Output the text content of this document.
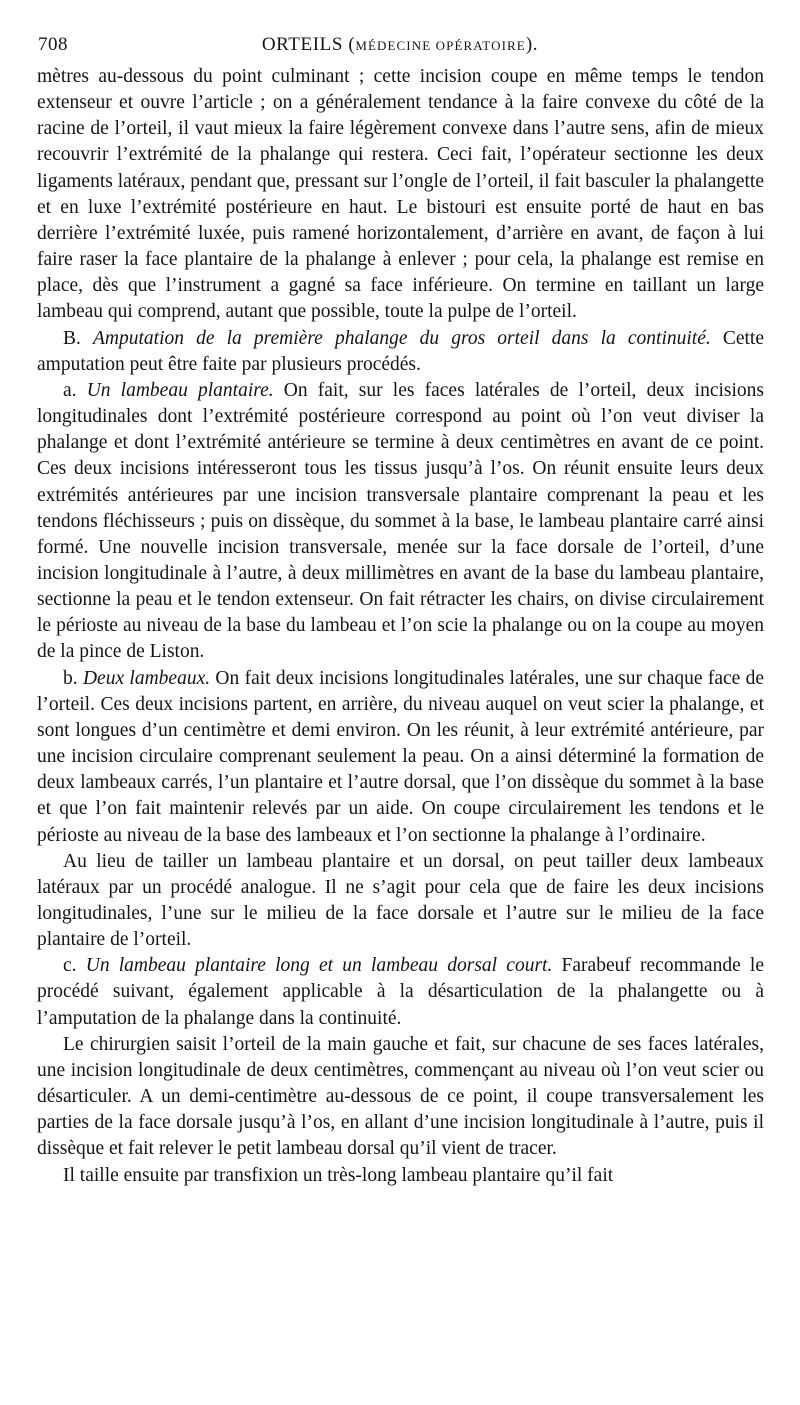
708	ORTEILS (MÉDECINE OPÉRATOIRE).

mètres au-dessous du point culminant ; cette incision coupe en même temps le tendon extenseur et ouvre l’article ; on a généralement tendance à la faire convexe du côté de la racine de l’orteil, il vaut mieux la faire légèrement convexe dans l’autre sens, afin de mieux recouvrir l’extrémité de la phalange qui restera. Ceci fait, l’opérateur sectionne les deux ligaments latéraux, pendant que, pressant sur l’ongle de l’orteil, il fait basculer la phalangette et en luxe l’extrémité postérieure en haut. Le bistouri est ensuite porté de haut en bas derrière l’extrémité luxée, puis ramené horizontalement, d’arrière en avant, de façon à lui faire raser la face plantaire de la phalange à enlever ; pour cela, la phalange est remise en place, dès que l’instrument a gagné sa face inférieure. On termine en taillant un large lambeau qui comprend, autant que possible, toute la pulpe de l’orteil.

B. Amputation de la première phalange du gros orteil dans la continuité. Cette amputation peut être faite par plusieurs procédés.

a. Un lambeau plantaire. On fait, sur les faces latérales de l’orteil, deux incisions longitudinales dont l’extrémité postérieure correspond au point où l’on veut diviser la phalange et dont l’extrémité antérieure se termine à deux centimètres en avant de ce point. Ces deux incisions intéresseront tous les tissus jusqu’à l’os. On réunit ensuite leurs deux extrémités antérieures par une incision transversale plantaire comprenant la peau et les tendons fléchisseurs ; puis on dissèque, du sommet à la base, le lambeau plantaire carré ainsi formé. Une nouvelle incision transversale, menée sur la face dorsale de l’orteil, d’une incision longitudinale à l’autre, à deux millimètres en avant de la base du lambeau plantaire, sectionne la peau et le tendon extenseur. On fait rétracter les chairs, on divise circulairement le périoste au niveau de la base du lambeau et l’on scie la phalange ou on la coupe au moyen de la pince de Liston.

b. Deux lambeaux. On fait deux incisions longitudinales latérales, une sur chaque face de l’orteil. Ces deux incisions partent, en arrière, du niveau auquel on veut scier la phalange, et sont longues d’un centimètre et demi environ. On les réunit, à leur extrémité antérieure, par une incision circulaire comprenant seulement la peau. On a ainsi déterminé la formation de deux lambeaux carrés, l’un plantaire et l’autre dorsal, que l’on dissèque du sommet à la base et que l’on fait maintenir relevés par un aide. On coupe circulairement les tendons et le périoste au niveau de la base des lambeaux et l’on sectionne la phalange à l’ordinaire.

Au lieu de tailler un lambeau plantaire et un dorsal, on peut tailler deux lambeaux latéraux par un procédé analogue. Il ne s’agit pour cela que de faire les deux incisions longitudinales, l’une sur le milieu de la face dorsale et l’autre sur le milieu de la face plantaire de l’orteil.

c. Un lambeau plantaire long et un lambeau dorsal court. Farabeuf recommande le procédé suivant, également applicable à la désarticulation de la phalangette ou à l’amputation de la phalange dans la continuité.

Le chirurgien saisit l’orteil de la main gauche et fait, sur chacune de ses faces latérales, une incision longitudinale de deux centimètres, commençant au niveau où l’on veut scier ou désarticuler. A un demi-centimètre au-dessous de ce point, il coupe transversalement les parties de la face dorsale jusqu’à l’os, en allant d’une incision longitudinale à l’autre, puis il dissèque et fait relever le petit lambeau dorsal qu’il vient de tracer.

Il taille ensuite par transfixion un très-long lambeau plantaire qu’il fait
